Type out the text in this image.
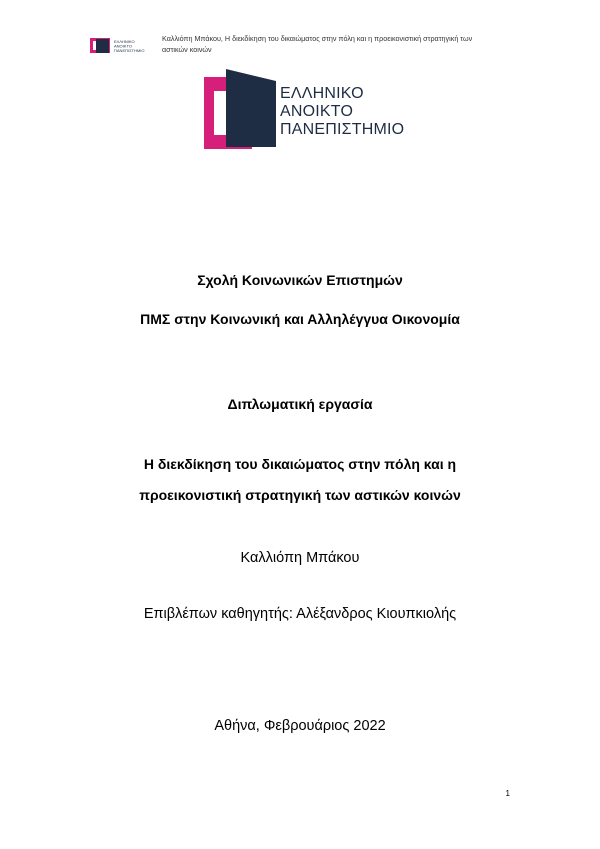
ΕΛΛΗΝΙΚΟ
ΑΝΟΙΚΤΟ
ΠΑΝΕΠΙΣΤΗΜΙΟ
Καλλιόπη Μπάκου, Η διεκδίκηση του δικαιώματος στην πόλη και η προεικονιστική στρατηγική των
αστικών κοινών
ΕΛΛΗΝΙΚΟ
ΑΝΟΙΚΤΟ
ΠΑΝΕΠΙΣΤΗΜΙΟ
Σχολή Κοινωνικών Επιστημών
ΠΜΣ στην Κοινωνική και Αλληλέγγυα Οικονομία
Διπλωματική εργασία
Η διεκδίκηση του δικαιώματος στην πόλη και η
προεικονιστική στρατηγική των αστικών κοινών
Καλλιόπη Μπάκου
Επιβλέπων καθηγητής: Αλέξανδρος Κιουπκιολής
Αθήνα, Φεβρουάριος 2022
1
